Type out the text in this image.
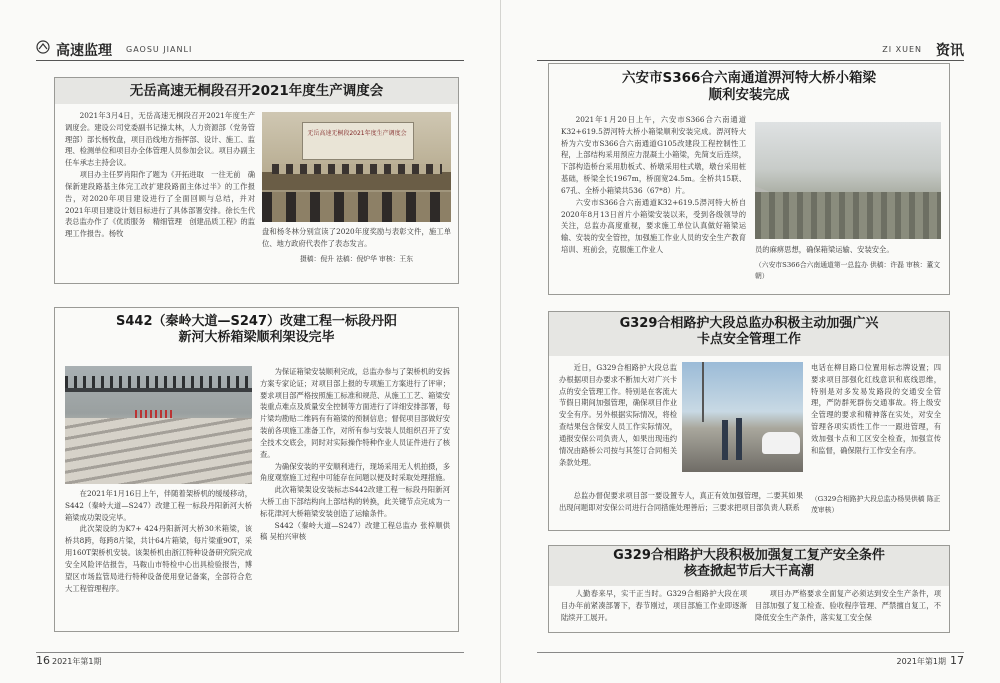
高速监理 GAOSU JIANLI
无岳高速无桐段召开2021年度生产调度会

2021年3月4日，无岳高速无桐段召开2021年度生产调度会。建设公司党委副书记操太林，人力资源部（党务管理部）部长杨牧盘，项目沿线地方指挥部、设计、施工、监理、检测单位和项目办全体管理人员参加会议。项目办副主任车承志主持会议。

项目办主任罗肖阳作了题为《开拓进取　一往无前　确保新建段路基主体完工改扩建段路面主体过半》的工作报告，对2020年项目建设进行了全面回顾与总结，并对2021年项目建设计划目标进行了具体部署安排。徐长生代表总监办作了《优质服务　精细管理　创建品质工程》的监理工作报告。杨牧

无岳高速无桐段2021年度生产调度会

盘和杨冬林分别宣读了2020年度奖励与表彰文件，施工单位、地方政府代表作了表态发言。

摄稿：倪升 祛稿：倪炉华 审核：王东
S442（秦岭大道—S247）改建工程一标段丹阳
新河大桥箱梁顺利架设完毕

在2021年1月16日上午，伴随着架桥机的缓缓移动，S442（秦岭大道—S247）改建工程一标段丹阳新河大桥箱梁成功架设完毕。

此次架设的为K7+ 424丹阳新河大桥30米箱梁，该桥共8跨，每跨8片梁，共计64片箱梁，每片梁重90T，采用160T架桥机安装。该架桥机由浙江特种设备研究院完成安全风险评估报告，马鞍山市特检中心出具检验报告，博望区市场监管局进行特种设备使用登记备案，全部符合危大工程管理程序。

为保证箱梁安装顺利完成，总监办参与了架桥机的安拆方案专家论证；对项目部上报的专项施工方案进行了评审；要求项目部严格按照施工标准和规范、从施工工艺、箱梁安装重点难点及质量安全控制等方面进行了详细安排部署，每片梁均勘贴二维码有有箱梁的预制信息；督促项目部做好安装前各项施工准备工作，对所有参与安装人员组织召开了安全技术交底会，同时对实际操作特种作业人员证件进行了核查。

为确保安装的平安顺利进行，现场采用无人机拍摄，多角度观察施工过程中可能存在问题以便及时采取处理措施。

此次箱梁架设安装标志S442改建工程一标段丹阳新河大桥工由下部结构向上部结构的转换，此关键节点完成为一标花津河大桥箱梁安装创造了运输条件。

S442（秦岭大道—S247）改建工程总监办 张梓顺供稿 吴柏兴审核

16 2021年第1期
ZI XUEN 资讯
六安市S366合六南通道淠河特大桥小箱梁
顺利安装完成

2021年1月20日上午，六安市S366合六南通道K32+619.5淠河特大桥小箱梁顺利安装完成。淠河特大桥为六安市S366合六南通道G105改建段工程控制性工程，上部结构采用预应力混凝土小箱梁，先简支后连续，下部构造桥台采用肋板式、桥墩采用柱式墩，墩台采用桩基础，桥梁全长1967m，桥面宽24.5m。全桥共15联、67孔、全桥小箱梁共536（67*8）片。

六安市S366合六南通道K32+619.5淠河特大桥自2020年8月13日首片小箱梁安装以来，受到各级领导的关注，总监办高度重视，要求施工单位认真做好箱梁运输、安装的安全管控，加强施工作业人员的安全生产教育培训、班前会，克服施工作业人	员的麻痹思想，确保箱梁运输、安装安全。

（六安市S366合六南通道第一总监办 供稿：许磊 审核：董文朝）
G329合相路护大段总监办积极主动加强广兴
卡点安全管理工作

近日，G329合相路护大段总监办根据项目办要求不断加大对广兴卡点的安全管理工作。特别是在客流大节假日期间加强管理，确保项目作业安全有序。另外根据实际情况，将检查结果包含保安人员工作实际情况，通报安保公司负责人，如果出现违约情况由路桥公司按与其签订合同相关条款处理。

总监办督促要求项目部一要设置专人，真正有效加强管理，二要其如果出现问题即对安保公司进行合同措施处理善后；三要求把项目部负责人联系

电话在柳目路口位置用标志牌设置；四要求项目部强化红线意识和底线思维，特别是对多发易发路段的交通安全管理，严防群死群伤交通事故。将上级安全管理的要求和精神落在实处，对安全管理各项实质性工作一一跟进管理，有效加强卡点和工区安全检查，加强宣传和监督，确保限行工作安全有序。

（G329合相路护大段总监办杨昊供稿 陈正茂审核）
G329合相路护大段积极加强复工复产安全条件
核查掀起节后大干高潮

人勤春来早，实干正当时。G329合相路护大段在项目办年前紧凑部署下，春节刚过，项目部施工作业即逐渐陆续开工展开。

项目办严格要求全面复产必须达到安全生产条件，项目部加强了复工检查、验收程序管理、严禁擅自复工，不降低安全生产条件，落实复工安全保

2021年第1期 17
